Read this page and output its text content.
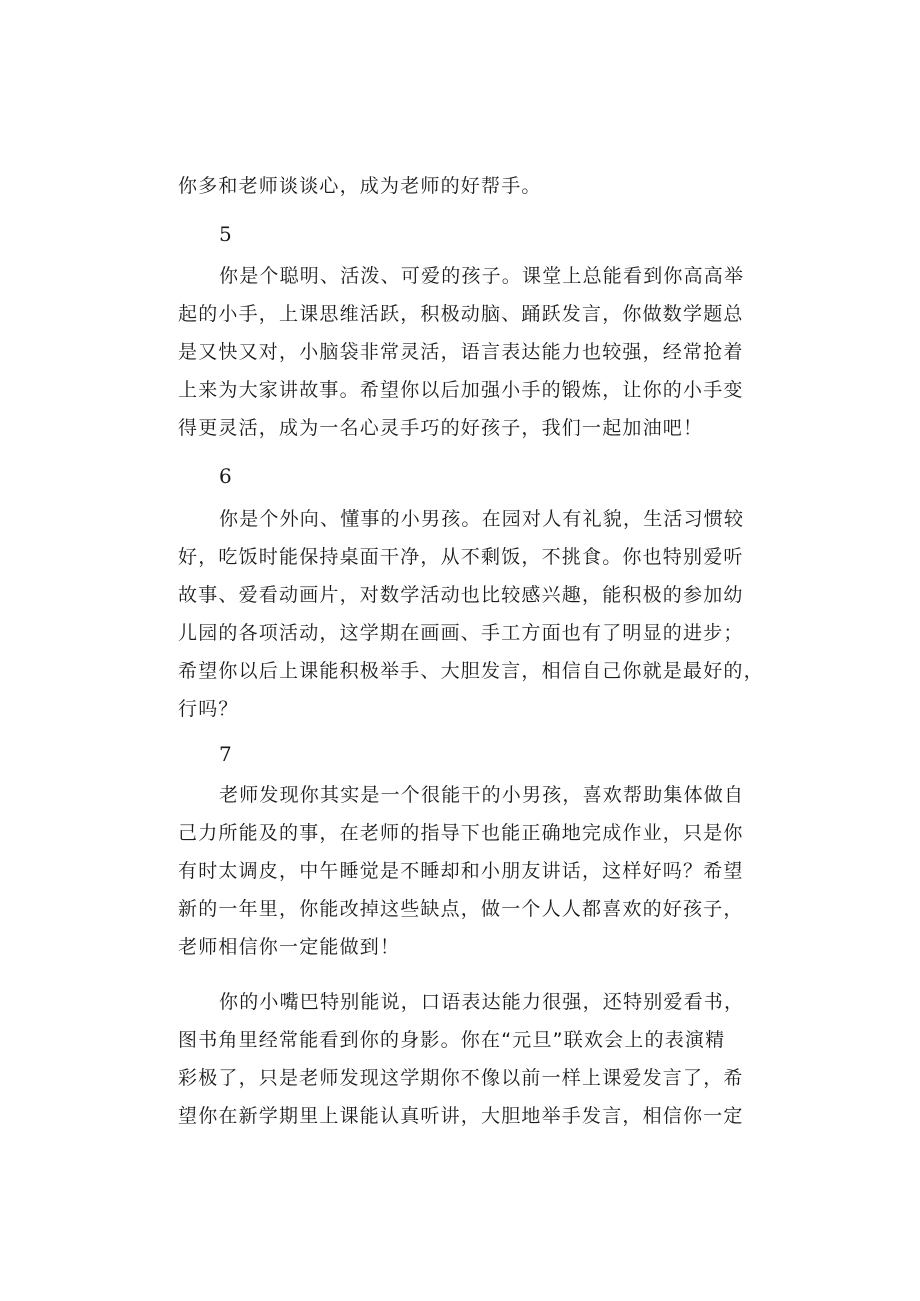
你多和老师谈谈心，成为老师的好帮手。

5

你是个聪明、活泼、可爱的孩子。课堂上总能看到你高高举
起的小手，上课思维活跃，积极动脑、踊跃发言，你做数学题总
是又快又对，小脑袋非常灵活，语言表达能力也较强，经常抢着
上来为大家讲故事。希望你以后加强小手的锻炼，让你的小手变
得更灵活，成为一名心灵手巧的好孩子，我们一起加油吧！

6

你是个外向、懂事的小男孩。在园对人有礼貌，生活习惯较
好，吃饭时能保持桌面干净，从不剩饭，不挑食。你也特别爱听
故事、爱看动画片，对数学活动也比较感兴趣，能积极的参加幼
儿园的各项活动，这学期在画画、手工方面也有了明显的进步；
希望你以后上课能积极举手、大胆发言，相信自己你就是最好的，
行吗？

7

老师发现你其实是一个很能干的小男孩，喜欢帮助集体做自
己力所能及的事，在老师的指导下也能正确地完成作业，只是你
有时太调皮，中午睡觉是不睡却和小朋友讲话，这样好吗？希望
新的一年里，你能改掉这些缺点，做一个人人都喜欢的好孩子，
老师相信你一定能做到！

你的小嘴巴特别能说，口语表达能力很强，还特别爱看书，
图书角里经常能看到你的身影。你在“元旦”联欢会上的表演精
彩极了，只是老师发现这学期你不像以前一样上课爱发言了，希
望你在新学期里上课能认真听讲，大胆地举手发言，相信你一定
